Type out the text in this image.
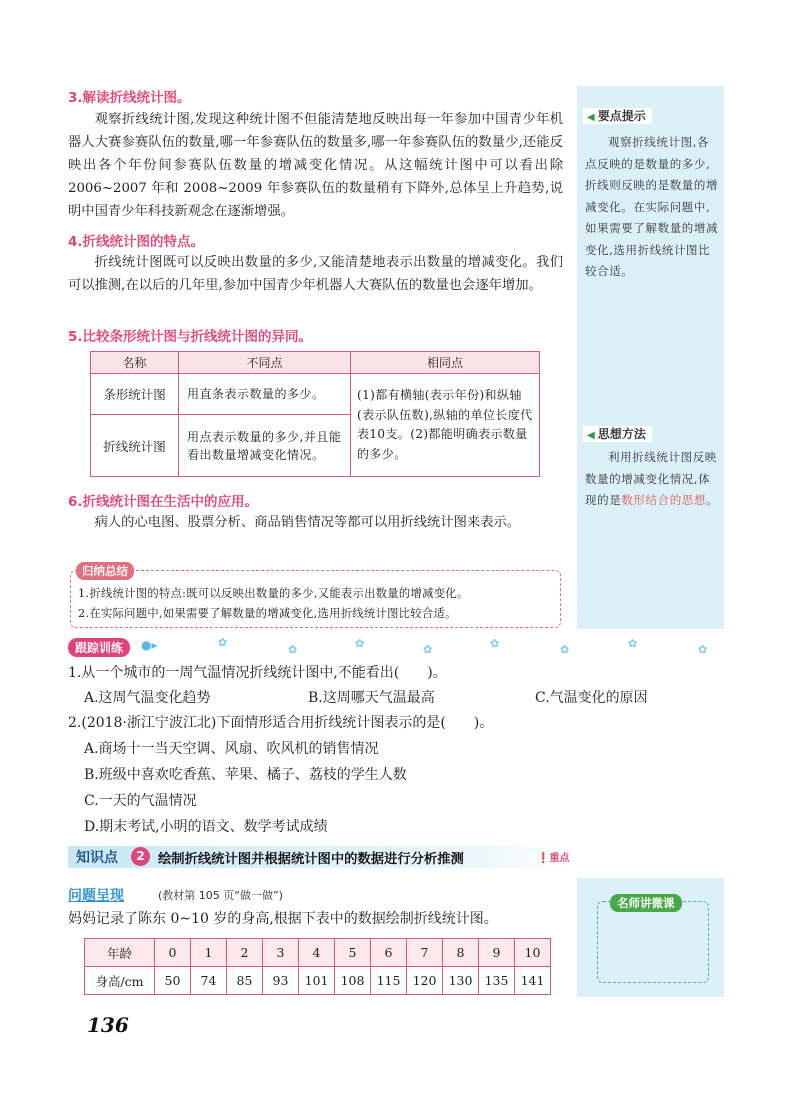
◀ 要点提示
观察折线统计图,各点反映的是数量的多少,折线则反映的是数量的增减变化。在实际问题中,如果需要了解数量的增减变化,选用折线统计图比较合适。
◀ 思想方法
利用折线统计图反映数量的增减变化情况,体现的是数形结合的思想。
3.解读折线统计图。
观察折线统计图,发现这种统计图不但能清楚地反映出每一年参加中国青少年机器人大赛参赛队伍的数量,哪一年参赛队伍的数量多,哪一年参赛队伍的数量少,还能反映出各个年份间参赛队伍数量的增减变化情况。从这幅统计图中可以看出除 2006~2007 年和 2008~2009 年参赛队伍的数量稍有下降外,总体呈上升趋势,说明中国青少年科技新观念在逐渐增强。
4.折线统计图的特点。
折线统计图既可以反映出数量的多少,又能清楚地表示出数量的增减变化。我们可以推测,在以后的几年里,参加中国青少年机器人大赛队伍的数量也会逐年增加。
5.比较条形统计图与折线统计图的异同。
名称	不同点	相同点
条形统计图	用直条表示数量的多少。	(1)都有横轴(表示年份)和纵轴(表示队伍数),纵轴的单位长度代表10支。(2)都能明确表示数量的多少。
折线统计图	用点表示数量的多少,并且能看出数量增减变化情况。	
6.折线统计图在生活中的应用。
病人的心电图、股票分析、商品销售情况等都可以用折线统计图来表示。
归纳总结
1.折线统计图的特点:既可以反映出数量的多少,又能表示出数量的增减变化。
2.在实际问题中,如果需要了解数量的增减变化,选用折线统计图比较合适。
跟踪训练	●▸	✿
✿	✿	✿	✿	✿	✿	✿
1.从一个城市的一周气温情况折线统计图中,不能看出(　　)。
A.这周气温变化趋势	B.这周哪天气温最高	C.气温变化的原因
2.(2018·浙江宁波江北)下面情形适合用折线统计图表示的是(　　)。
A.商场十一当天空调、风扇、吹风机的销售情况
B.班级中喜欢吃香蕉、苹果、橘子、荔枝的学生人数
C.一天的气温情况
D.期末考试,小明的语文、数学考试成绩
知识点	2	绘制折线统计图并根据统计图中的数据进行分析推测	❗重点
问题呈现	(教材第 105 页“做一做”)
妈妈记录了陈东 0~10 岁的身高,根据下表中的数据绘制折线统计图。
年龄	0	1	2	3	4	5	6	7	8	9	10
身高/cm	50	74	85	93	101	108	115	120	130	135	141
名师讲微课
136
